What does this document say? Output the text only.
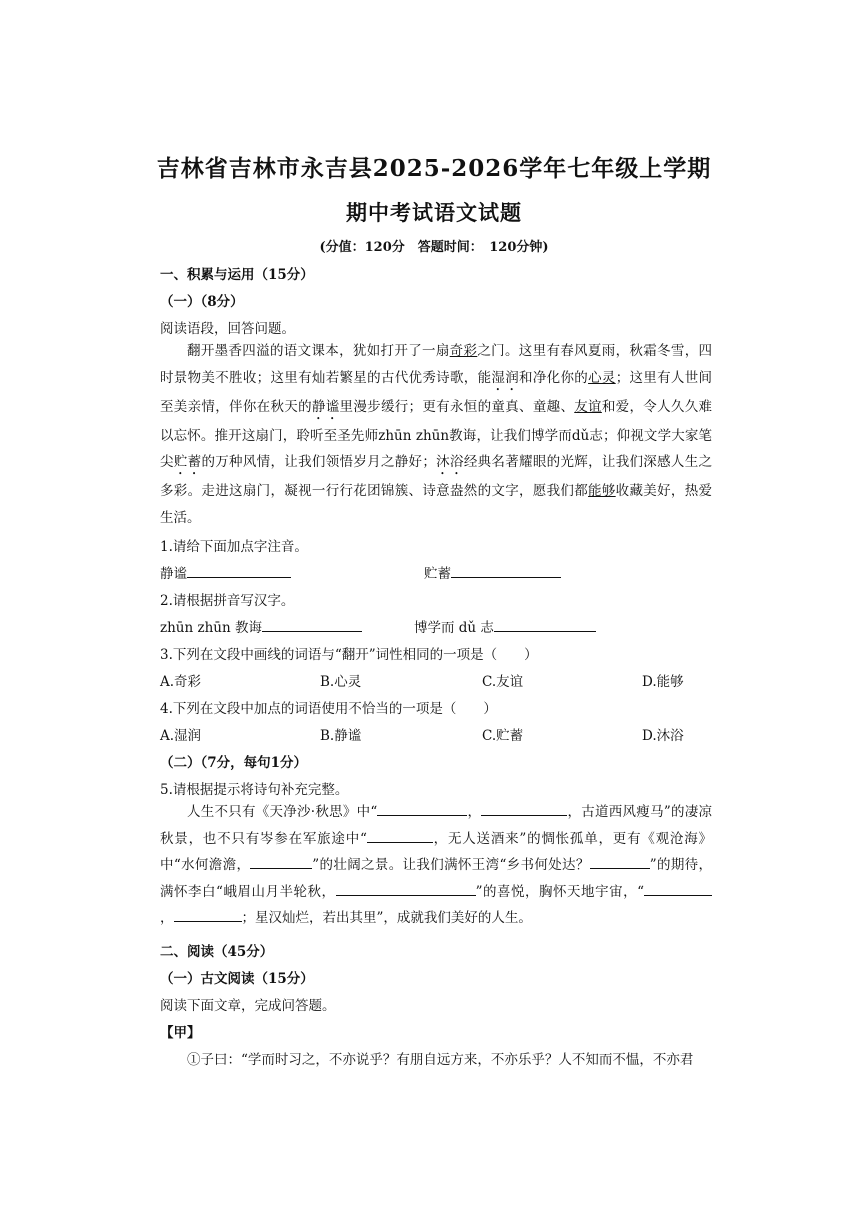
吉林省吉林市永吉县2025-2026学年七年级上学期
期中考试语文试题
(分值：120分　答题时间：　120分钟)
一、积累与运用（15分）
（一）（8分）
阅读语段，回答问题。
翻开墨香四溢的语文课本，犹如打开了一扇奇彩之门。这里有春风夏雨，秋霜冬雪，四时景物美不胜收；这里有灿若繁星的古代优秀诗歌，能湿润和净化你的心灵；这里有人世间至美亲情，伴你在秋天的静谧里漫步缓行；更有永恒的童真、童趣、友谊和爱，令人久久难以忘怀。推开这扇门，聆听至圣先师zhūn zhūn教诲，让我们博学而dǔ志；仰视文学大家笔尖贮蓄的万种风情，让我们领悟岁月之静好；沐浴经典名著耀眼的光辉，让我们深感人生之多彩。走进这扇门，凝视一行行花团锦簇、诗意盎然的文字，愿我们都能够收藏美好，热爱生活。
1.请给下面加点字注音。
静谧	贮蓄
2.请根据拼音写汉字。
zhūn zhūn 教诲	博学而 dǔ 志
3.下列在文段中画线的词语与“翻开”词性相同的一项是（　　）
A.奇彩	B.心灵	C.友谊	D.能够
4.下列在文段中加点的词语使用不恰当的一项是（　　）
A.湿润	B.静谧	C.贮蓄	D.沐浴
（二）（7分，每句1分）
5.请根据提示将诗句补充完整。
人生不只有《天净沙·秋思》中“	，	，古道西风瘦马”的凄凉秋景，也不只有岑参在军旅途中“	，无人送酒来”的惆怅孤单，更有《观沧海》中“水何澹澹，	”的壮阔之景。让我们满怀王湾“乡书何处达？	”的期待，满怀李白“峨眉山月半轮秋，	”的喜悦，胸怀天地宇宙，“，	；星汉灿烂，若出其里”，成就我们美好的人生。
二、阅读（45分）
（一）古文阅读（15分）
阅读下面文章，完成问答题。
【甲】
①子曰：“学而时习之，不亦说乎？有朋自远方来，不亦乐乎？人不知而不愠，不亦君
